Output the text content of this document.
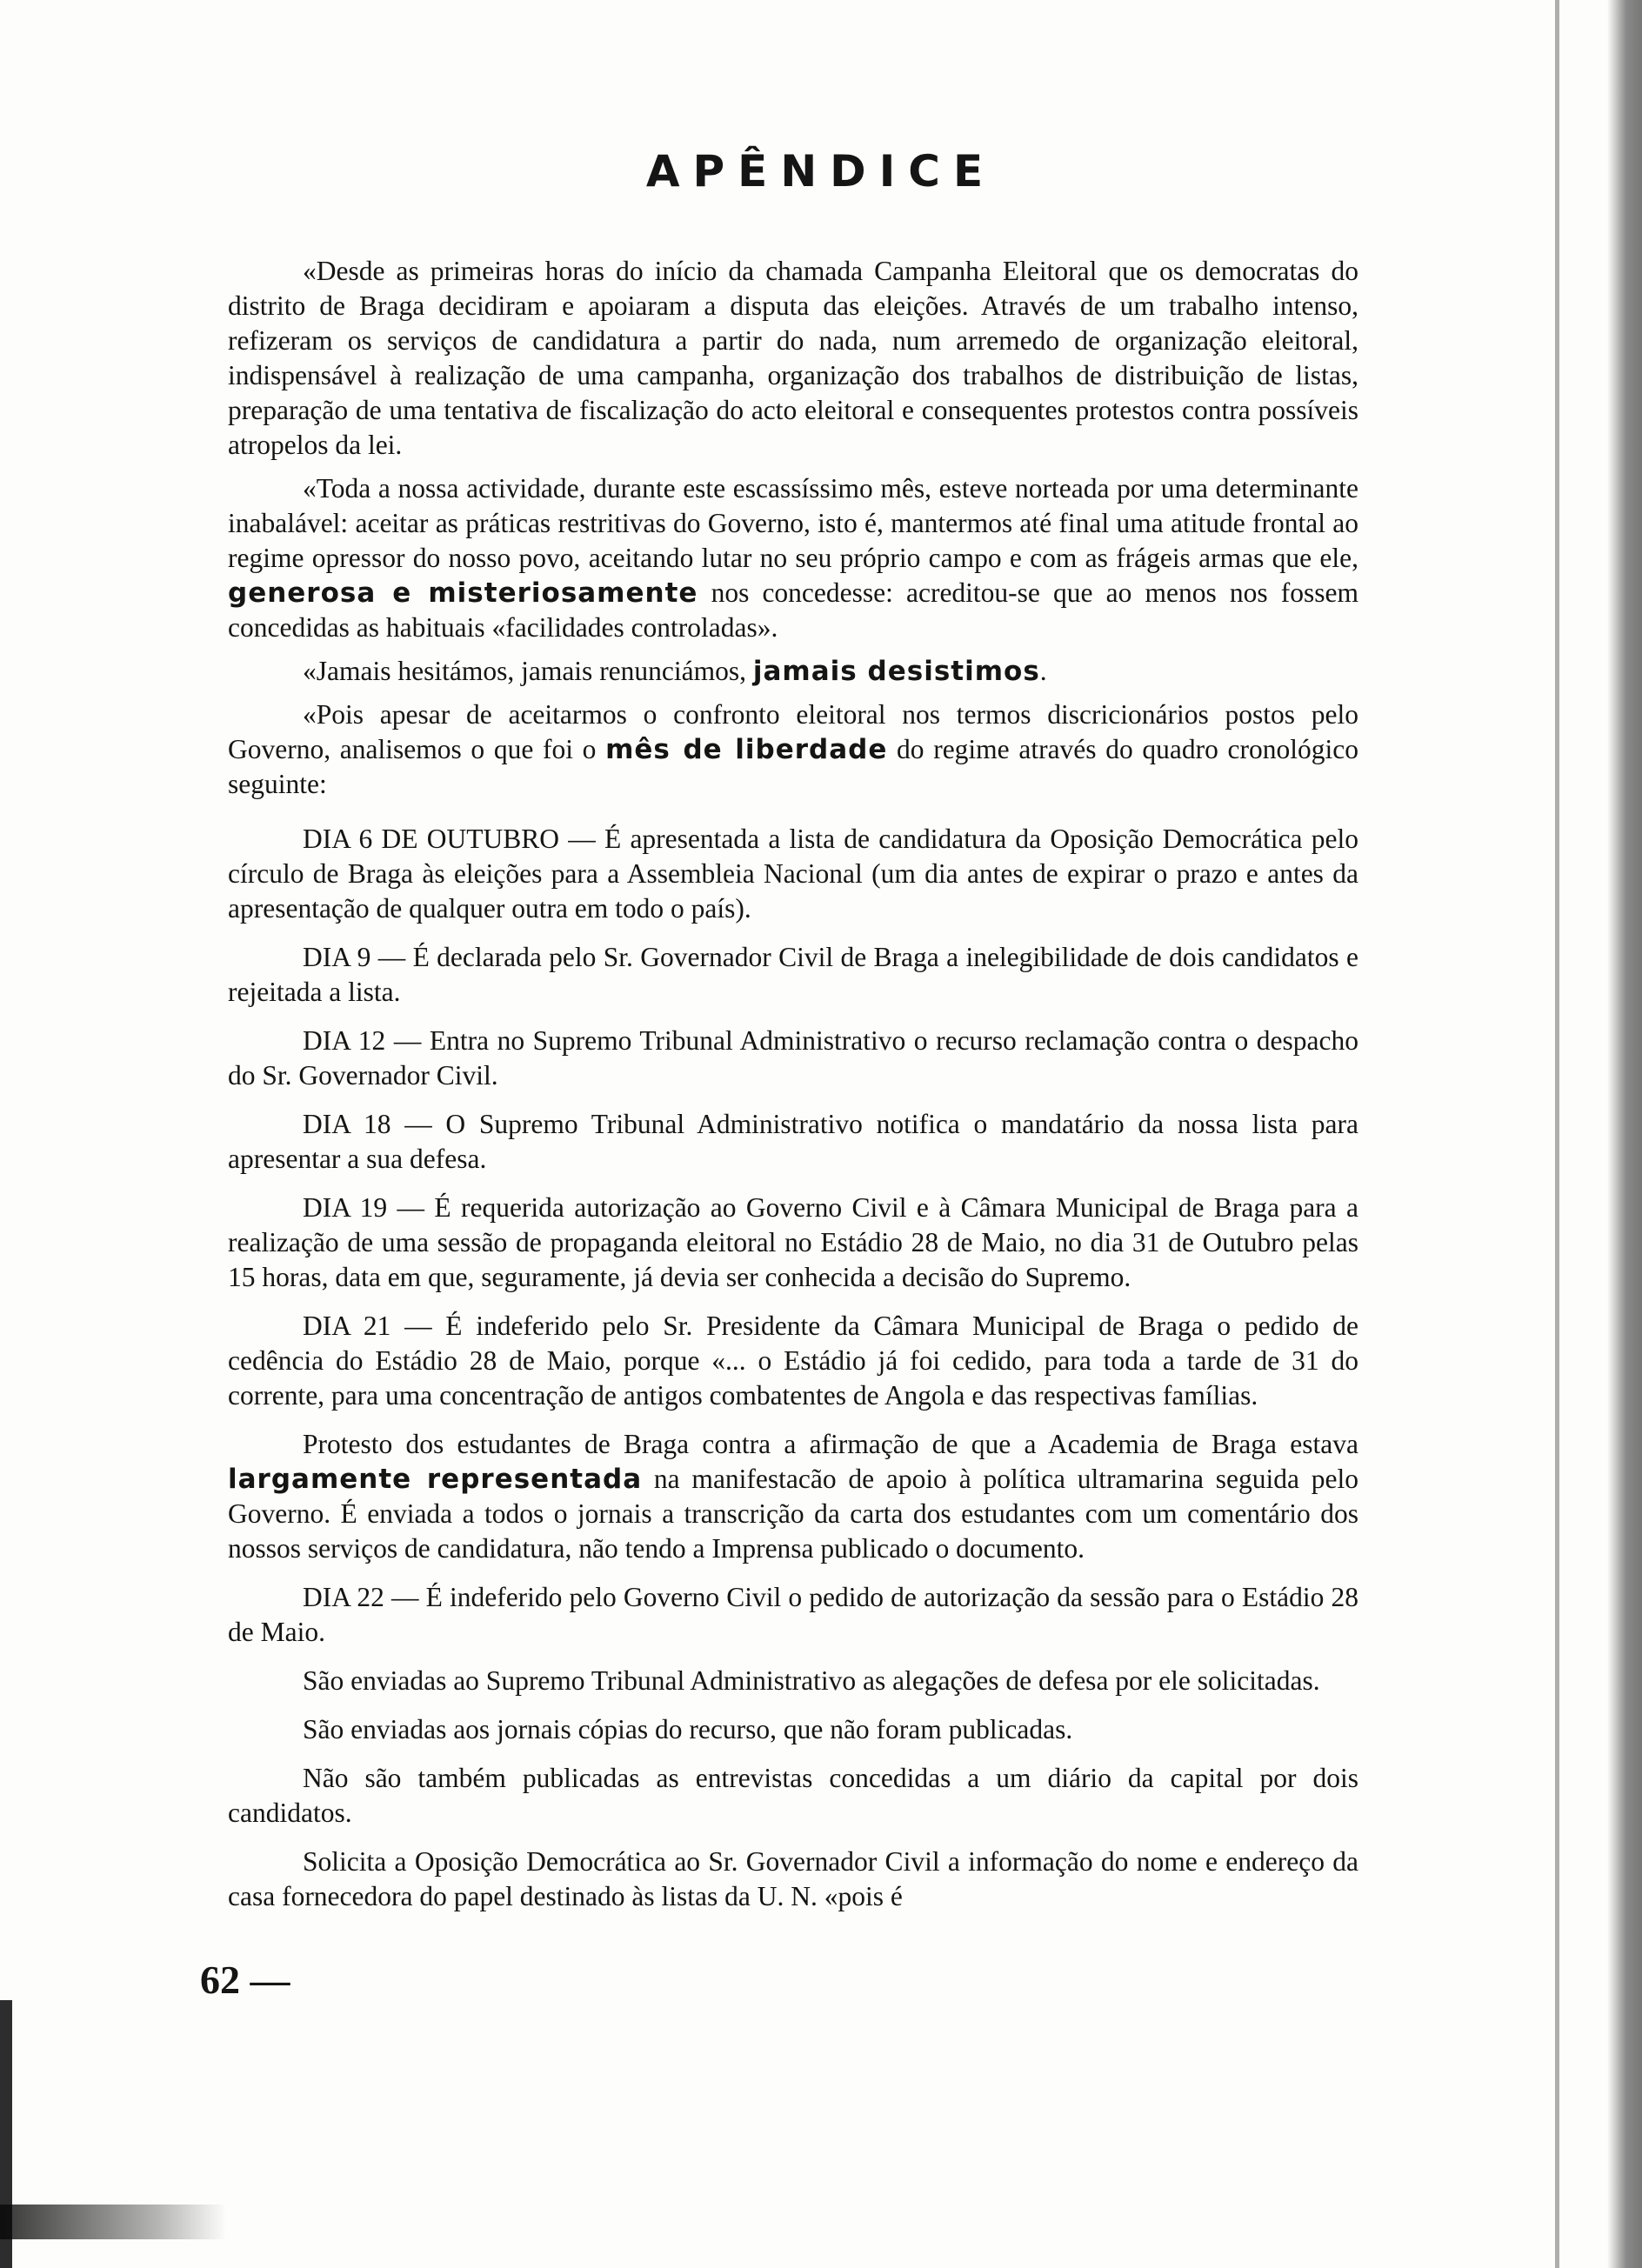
APÊNDICE

«Desde as primeiras horas do início da chamada Campanha Eleitoral que os democratas do distrito de Braga decidiram e apoiaram a disputa das eleições. Através de um trabalho intenso, refizeram os serviços de candidatura a partir do nada, num arremedo de organização eleitoral, indispensável à realização de uma campanha, organização dos trabalhos de distribuição de listas, preparação de uma tentativa de fiscalização do acto eleitoral e consequentes protestos contra possíveis atropelos da lei.

«Toda a nossa actividade, durante este escassíssimo mês, esteve norteada por uma determinante inabalável: aceitar as práticas restritivas do Governo, isto é, mantermos até final uma atitude frontal ao regime opressor do nosso povo, aceitando lutar no seu próprio campo e com as frágeis armas que ele, generosa e misteriosamente nos concedesse: acreditou-se que ao menos nos fossem concedidas as habituais «facilidades controladas».

«Jamais hesitámos, jamais renunciámos, jamais desistimos.

«Pois apesar de aceitarmos o confronto eleitoral nos termos discricionários postos pelo Governo, analisemos o que foi o mês de liberdade do regime através do quadro cronológico seguinte:

DIA 6 DE OUTUBRO — É apresentada a lista de candidatura da Oposição Democrática pelo círculo de Braga às eleições para a Assembleia Nacional (um dia antes de expirar o prazo e antes da apresentação de qualquer outra em todo o país).

DIA 9 — É declarada pelo Sr. Governador Civil de Braga a inelegibilidade de dois candidatos e rejeitada a lista.

DIA 12 — Entra no Supremo Tribunal Administrativo o recurso reclamação contra o despacho do Sr. Governador Civil.

DIA 18 — O Supremo Tribunal Administrativo notifica o mandatário da nossa lista para apresentar a sua defesa.

DIA 19 — É requerida autorização ao Governo Civil e à Câmara Municipal de Braga para a realização de uma sessão de propaganda eleitoral no Estádio 28 de Maio, no dia 31 de Outubro pelas 15 horas, data em que, seguramente, já devia ser conhecida a decisão do Supremo.

DIA 21 — É indeferido pelo Sr. Presidente da Câmara Municipal de Braga o pedido de cedência do Estádio 28 de Maio, porque «... o Estádio já foi cedido, para toda a tarde de 31 do corrente, para uma concentração de antigos combatentes de Angola e das respectivas famílias.

Protesto dos estudantes de Braga contra a afirmação de que a Academia de Braga estava largamente representada na manifestacão de apoio à política ultramarina seguida pelo Governo. É enviada a todos o jornais a transcrição da carta dos estudantes com um comentário dos nossos serviços de candidatura, não tendo a Imprensa publicado o documento.

DIA 22 — É indeferido pelo Governo Civil o pedido de autorização da sessão para o Estádio 28 de Maio.

São enviadas ao Supremo Tribunal Administrativo as alegações de defesa por ele solicitadas.

São enviadas aos jornais cópias do recurso, que não foram publicadas.

Não são também publicadas as entrevistas concedidas a um diário da capital por dois candidatos.

Solicita a Oposição Democrática ao Sr. Governador Civil a informação do nome e endereço da casa fornecedora do papel destinado às listas da U. N. «pois é

62 —
